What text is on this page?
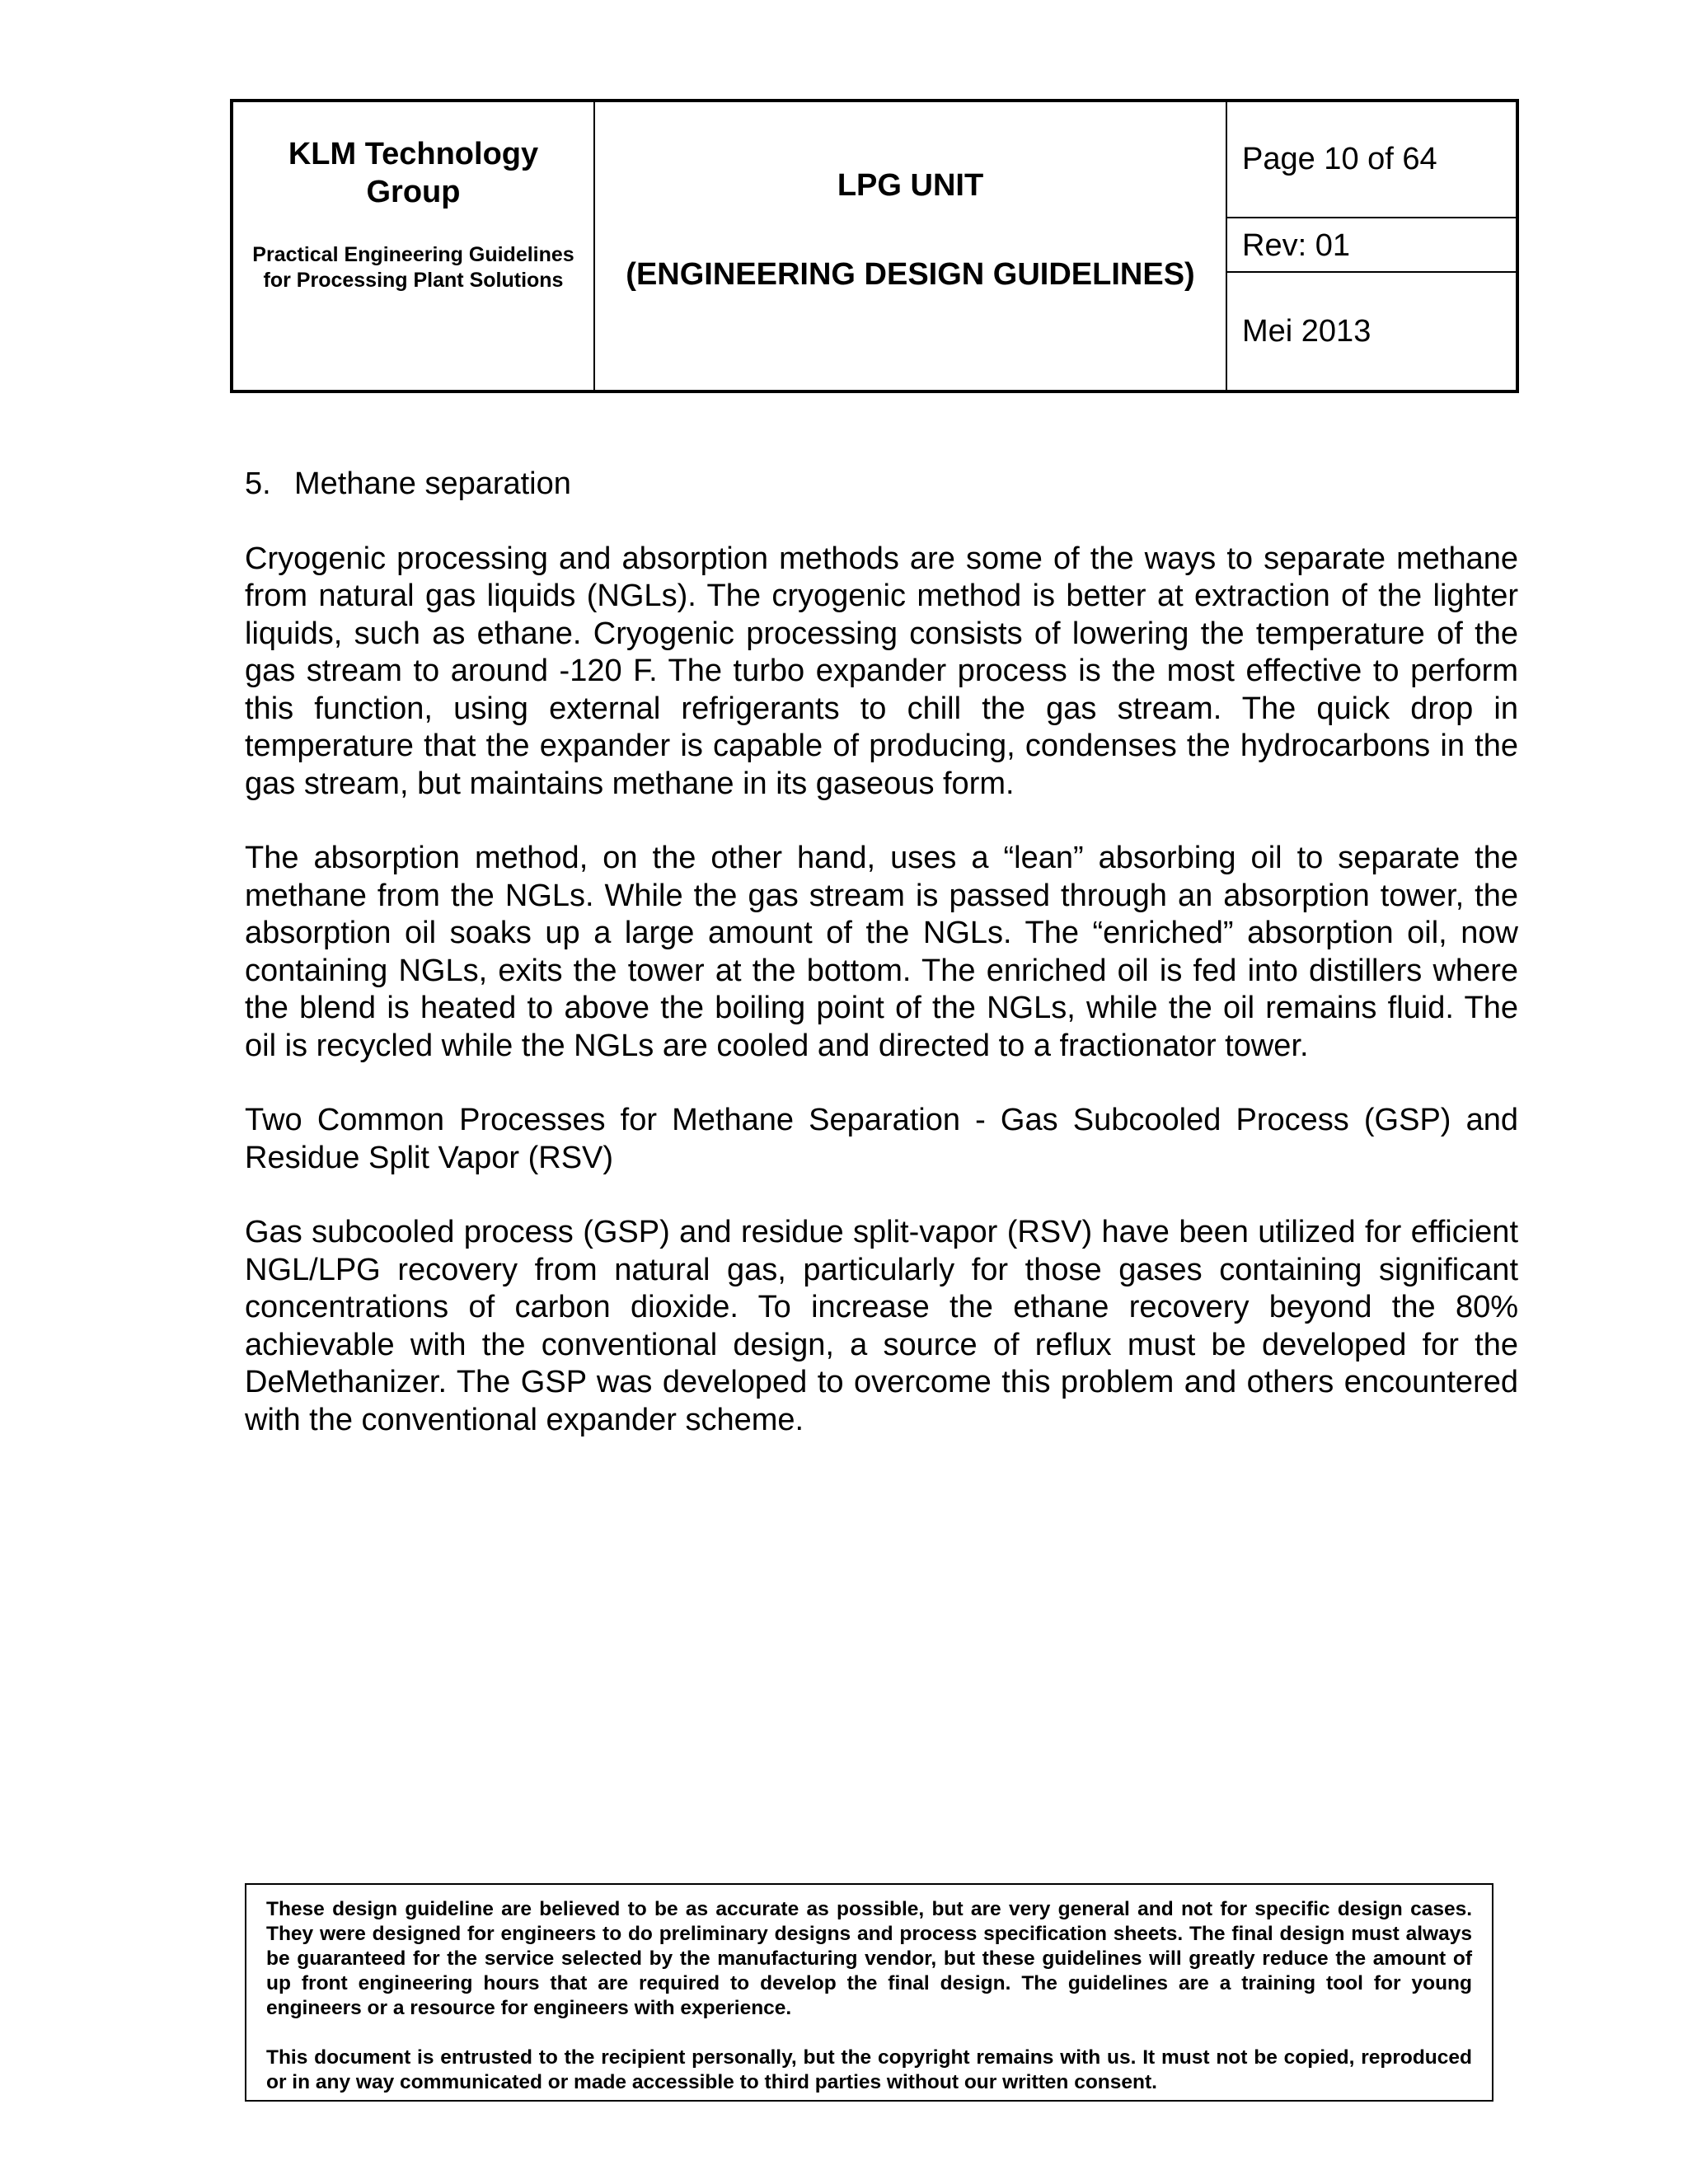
KLM Technology Group
Practical Engineering Guidelines for Processing Plant Solutions
LPG UNIT
(ENGINEERING DESIGN GUIDELINES)
Page 10 of 64
Rev: 01
Mei 2013
5. Methane separation

Cryogenic processing and absorption methods are some of the ways to separate methane from natural gas liquids (NGLs). The cryogenic method is better at extraction of the lighter liquids, such as ethane. Cryogenic processing consists of lowering the temperature of the gas stream to around -120 F. The turbo expander process is the most effective to perform this function, using external refrigerants to chill the gas stream. The quick drop in temperature that the expander is capable of producing, condenses the hydrocarbons in the gas stream, but maintains methane in its gaseous form.

The absorption method, on the other hand, uses a “lean” absorbing oil to separate the methane from the NGLs. While the gas stream is passed through an absorption tower, the absorption oil soaks up a large amount of the NGLs. The “enriched” absorption oil, now containing NGLs, exits the tower at the bottom. The enriched oil is fed into distillers where the blend is heated to above the boiling point of the NGLs, while the oil remains fluid. The oil is recycled while the NGLs are cooled and directed to a fractionator tower.

Two Common Processes for Methane Separation - Gas Subcooled Process (GSP) and Residue Split Vapor (RSV)

Gas subcooled process (GSP) and residue split-vapor (RSV) have been utilized for efficient NGL/LPG recovery from natural gas, particularly for those gases containing significant concentrations of carbon dioxide. To increase the ethane recovery beyond the 80% achievable with the conventional design, a source of reflux must be developed for the DeMethanizer. The GSP was developed to overcome this problem and others encountered with the conventional expander scheme.

These design guideline are believed to be as accurate as possible, but are very general and not for specific design cases. They were designed for engineers to do preliminary designs and process specification sheets. The final design must always be guaranteed for the service selected by the manufacturing vendor, but these guidelines will greatly reduce the amount of up front engineering hours that are required to develop the final design. The guidelines are a training tool for young engineers or a resource for engineers with experience.

This document is entrusted to the recipient personally, but the copyright remains with us. It must not be copied, reproduced or in any way communicated or made accessible to third parties without our written consent.
